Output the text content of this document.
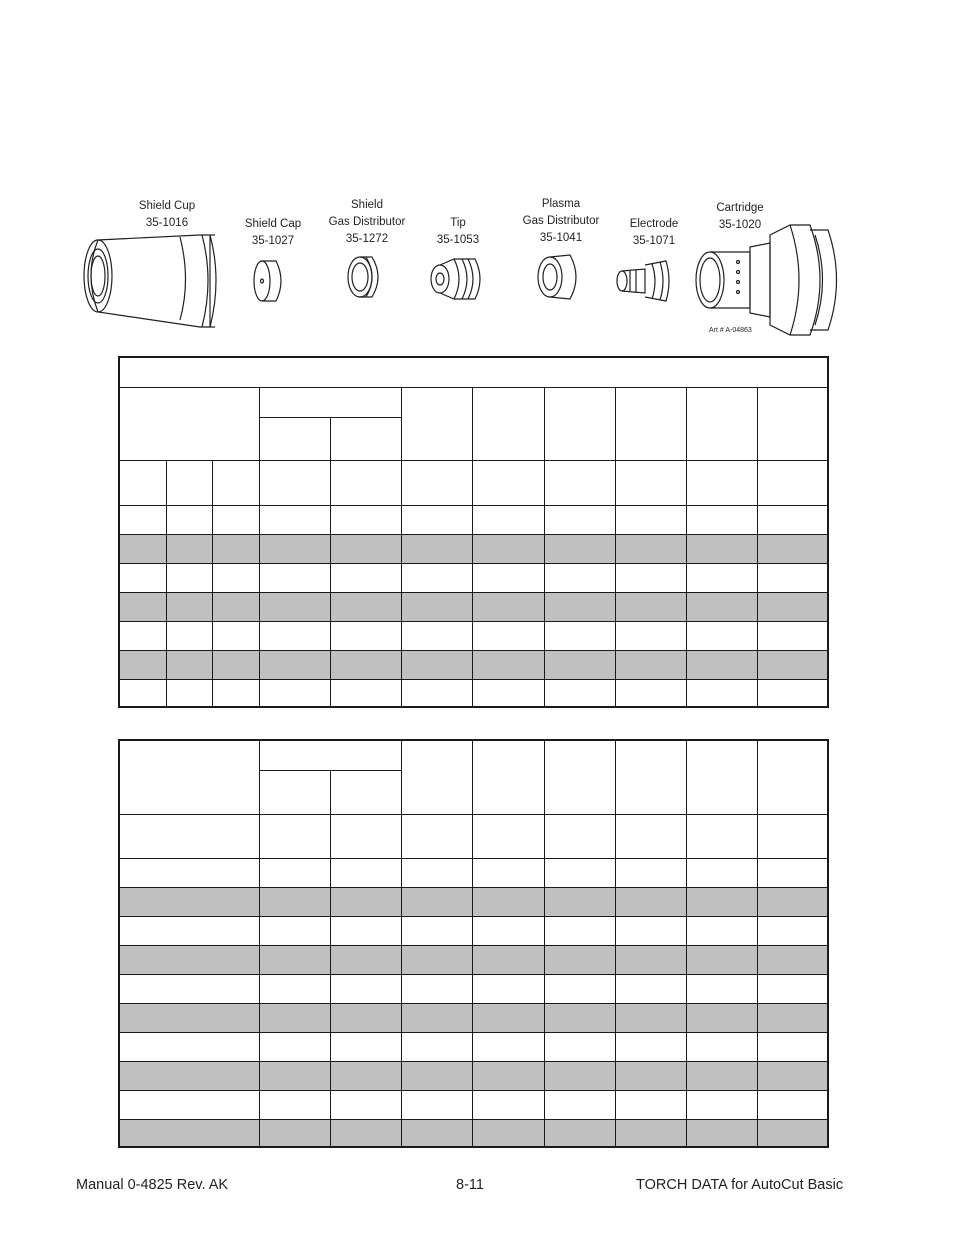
Shield Cup
35-1016	Shield Cap
35-1027
Shield
Gas Distributor
35-1272
Tip
35-1053
Plasma
Gas Distributor
35-1041
Electrode
35-1071
Cartridge
35-1020
Art # A-04863

Manual 0-4825 Rev. AK	8-11	TORCH DATA for AutoCut Basic
